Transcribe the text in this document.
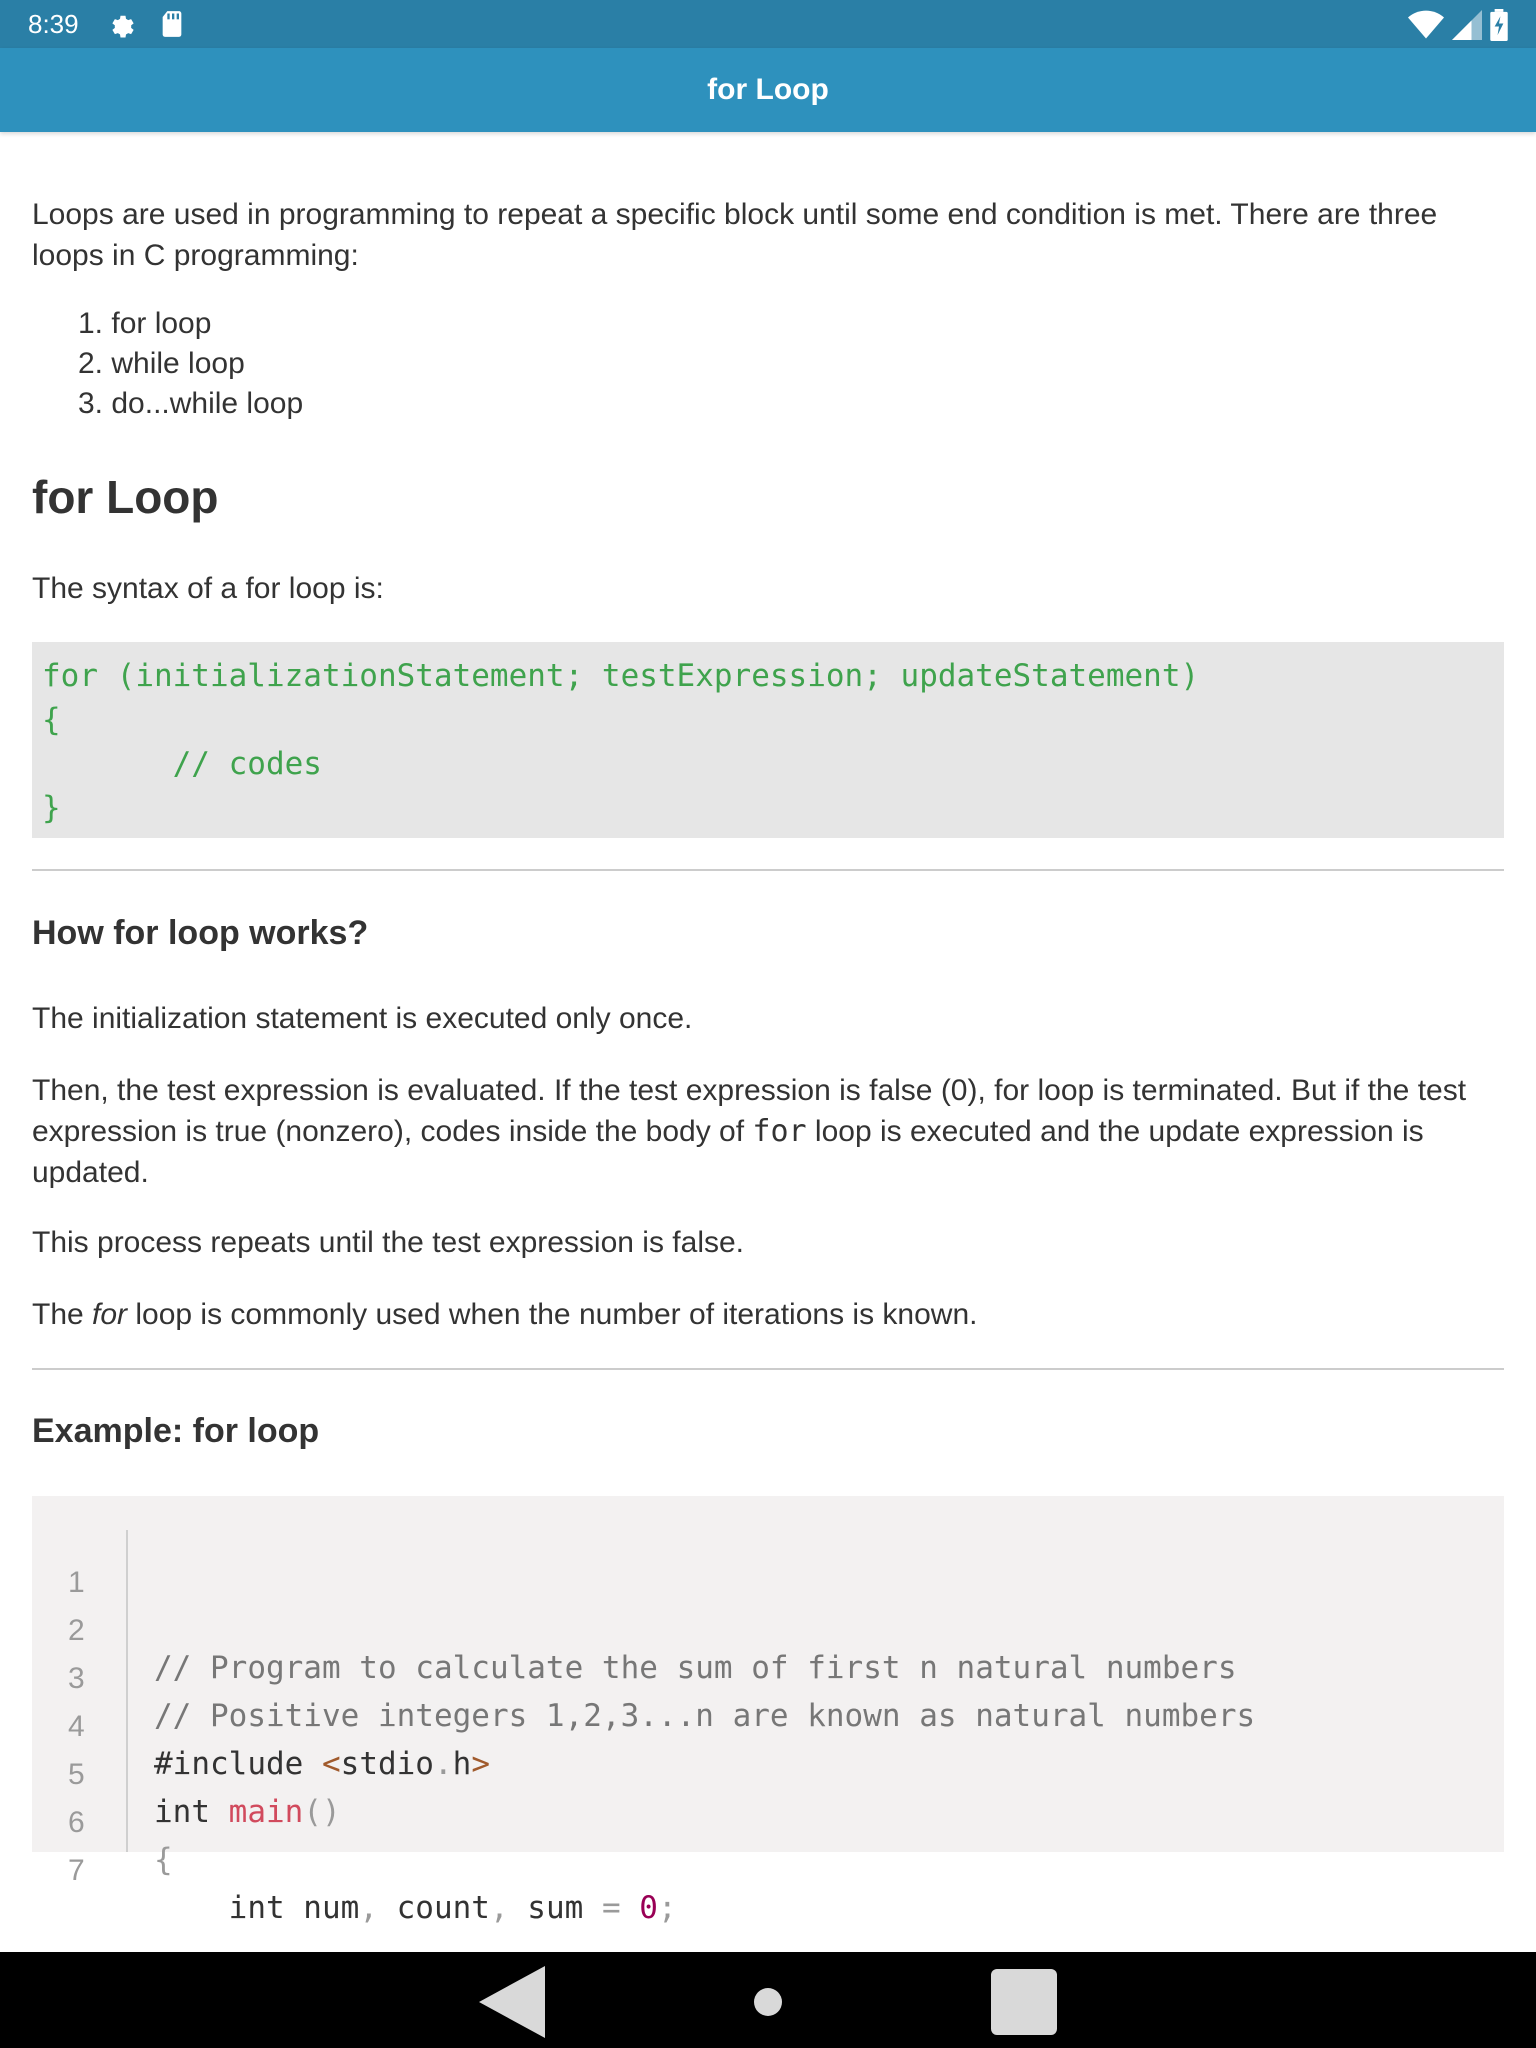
8:39
for Loop

Loops are used in programming to repeat a specific block until some end condition is met. There are three loops in C programming:

1. for loop
2. while loop
3. do...while loop
for Loop

The syntax of a for loop is:

for (initializationStatement; testExpression; updateStatement)
{
// codes
}
How for loop works?

The initialization statement is executed only once.

Then, the test expression is evaluated. If the test expression is false (0), for loop is terminated. But if the test expression is true (nonzero), codes inside the body of for loop is executed and the update expression is updated.

This process repeats until the test expression is false.

The for loop is commonly used when the number of iterations is known.

Example: for loop

1

2

// Program to calculate the sum of first n natural numbers

3

// Positive integers 1,2,3...n are known as natural numbers

4

#include <stdio.h>

5

int main()

6

{

7

int num, count, sum = 0;
